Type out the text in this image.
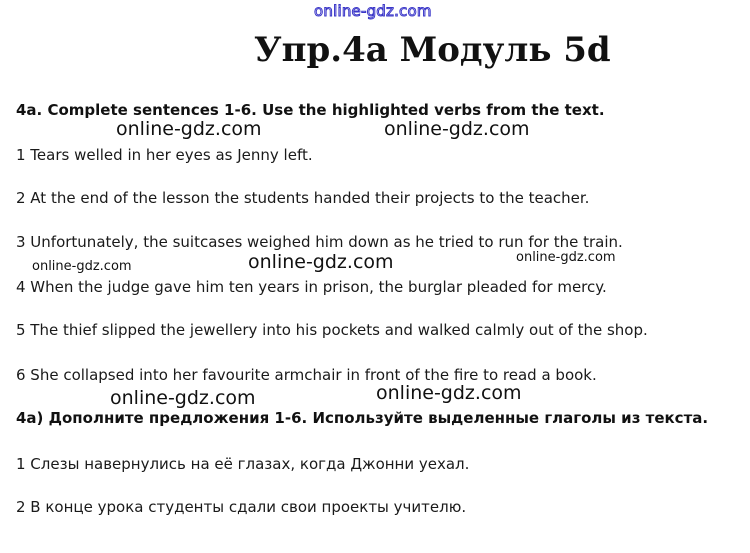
online-gdz.com
Упр.4a Модуль 5d
4a. Complete sentences 1-6. Use the highlighted verbs from the text.
online-gdz.com	online-gdz.com
1 Tears welled in her eyes as Jenny left.
2 At the end of the lesson the students handed their projects to the teacher.
3 Unfortunately, the suitcases weighed him down as he tried to run for the train.
online-gdz.com	online-gdz.com	online-gdz.com
4 When the judge gave him ten years in prison, the burglar pleaded for mercy.
5 The thief slipped the jewellery into his pockets and walked calmly out of the shop.
6 She collapsed into her favourite armchair in front of the fire to read a book.
online-gdz.com
online-gdz.com
4a) Дополните предложения 1-6. Используйте выделенные глаголы из текста.
1 Слезы навернулись на её глазах, когда Джонни уехал.
2 В конце урока студенты сдали свои проекты учителю.
